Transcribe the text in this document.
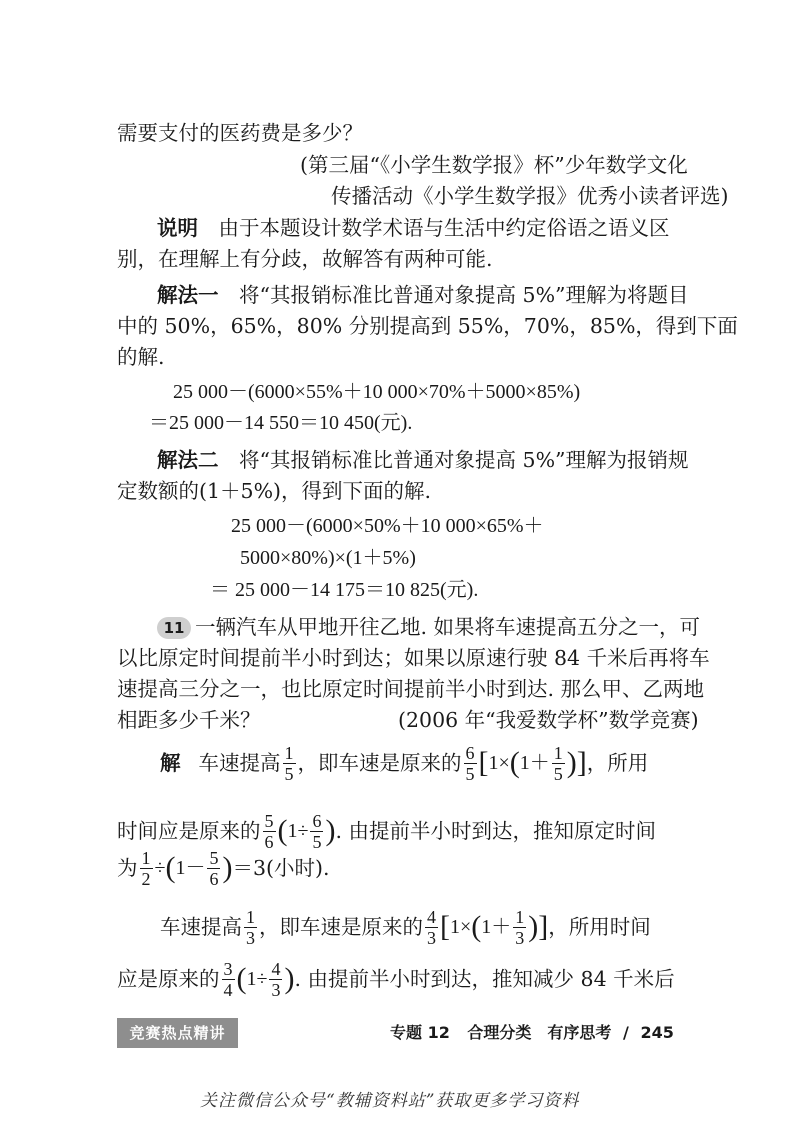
需要支付的医药费是多少？
(第三届“《小学生数学报》杯”少年数学文化
传播活动《小学生数学报》优秀小读者评选)
说明 由于本题设计数学术语与生活中约定俗语之语义区
别，在理解上有分歧，故解答有两种可能.
解法一 将“其报销标准比普通对象提高 5%”理解为将题目
中的 50%，65%，80% 分别提高到 55%，70%，85%，得到下面
的解.
25 000－(6000×55%＋10 000×70%＋5000×85%)
＝25 000－14 550＝10 450(元).
解法二 将“其报销标准比普通对象提高 5%”理解为报销规
定数额的(1＋5%)，得到下面的解.
25 000－(6000×50%＋10 000×65%＋
5000×80%)×(1＋5%)
＝ 25 000－14 175＝10 825(元).
11 一辆汽车从甲地开往乙地. 如果将车速提高五分之一，可
以比原定时间提前半小时到达；如果以原速行驶 84 千米后再将车
速提高三分之一，也比原定时间提前半小时到达. 那么甲、乙两地
相距多少千米？	(2006 年“我爱数学杯”数学竞赛)
解 车速提高 $\frac{1}{5}$ ，即车速是原来的 $\frac{6}{5}$ [ 1× ( $1+ \frac{1}{5}$ ) ] ，所用
时间应是原来的 $\frac{5}{6}$ ( $1\div \frac{6}{5}$ ) . 由提前半小时到达，推知原定时间
为 $\frac{1}{2}$ ÷ ( $1- \frac{5}{6}$ ) ＝3(小时).
车速提高 $\frac{1}{3}$ ，即车速是原来的 $\frac{4}{3}$ [ 1× ( $1+ \frac{1}{3}$ ) ] ，所用时间
应是原来的 $\frac{3}{4}$ ( $1\div \frac{4}{3}$ ) . 由提前半小时到达，推知减少 84 千米后
竞赛热点精讲	专题 12 合理分类　有序思考 / 245
关注微信公众号“教辅资料站”获取更多学习资料
